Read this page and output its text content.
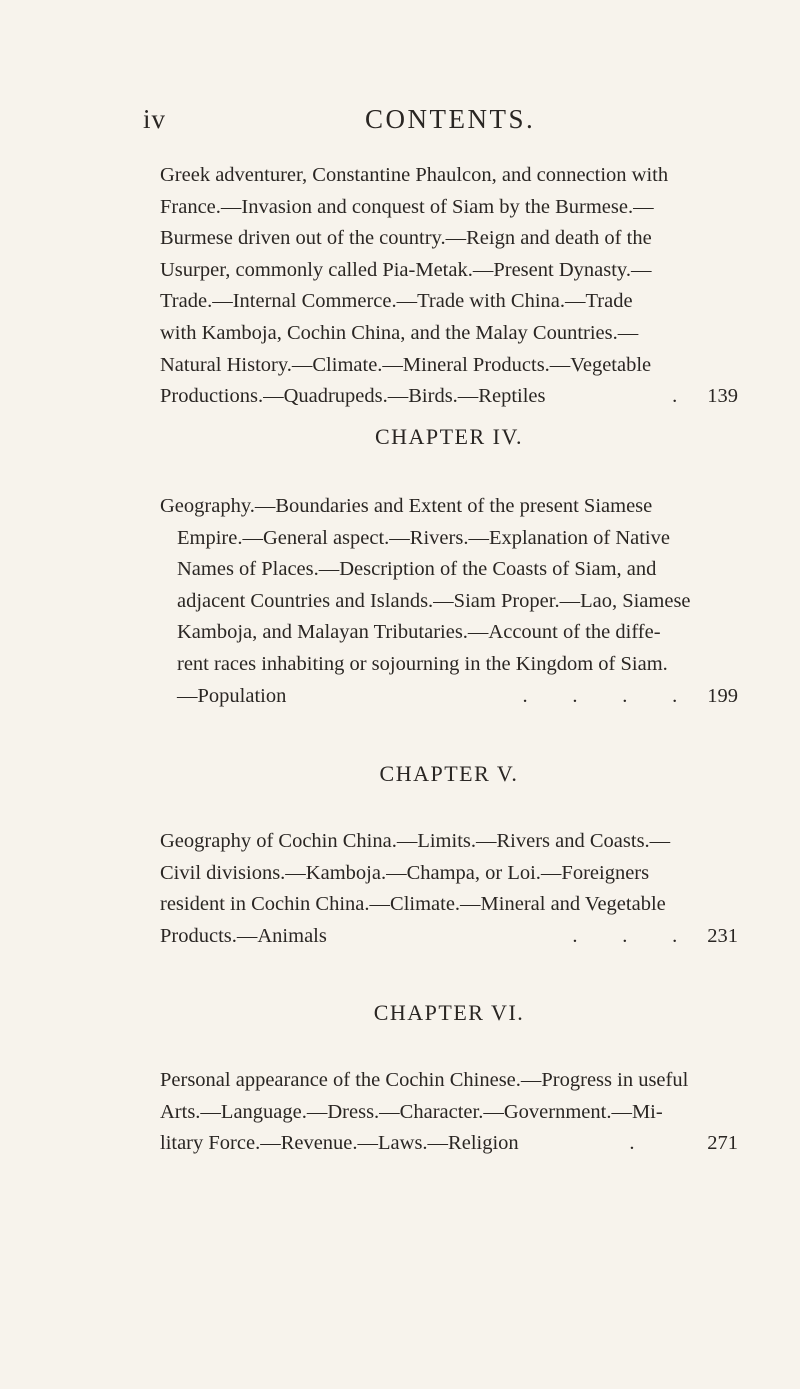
iv	CONTENTS.
Greek adventurer, Constantine Phaulcon, and connection with
France.—Invasion and conquest of Siam by the Burmese.—
Burmese driven out of the country.—Reign and death of the
Usurper, commonly called Pia-Metak.—Present Dynasty.—
Trade.—Internal Commerce.—Trade with China.—Trade
with Kamboja, Cochin China, and the Malay Countries.—
Natural History.—Climate.—Mineral Products.—Vegetable
Productions.—Quadrupeds.—Birds.—Reptiles	.	139
CHAPTER IV.
Geography.—Boundaries and Extent of the present Siamese
Empire.—General aspect.—Rivers.—Explanation of Native
Names of Places.—Description of the Coasts of Siam, and
adjacent Countries and Islands.—Siam Proper.—Lao, Siamese
Kamboja, and Malayan Tributaries.—Account of the diffe-
rent races inhabiting or sojourning in the Kingdom of Siam.
—Population	.      .      .      .	199
CHAPTER V.
Geography of Cochin China.—Limits.—Rivers and Coasts.—
Civil divisions.—Kamboja.—Champa, or Loi.—Foreigners
resident in Cochin China.—Climate.—Mineral and Vegetable
Products.—Animals	.      .      .	231
CHAPTER VI.
Personal appearance of the Cochin Chinese.—Progress in useful
Arts.—Language.—Dress.—Character.—Government.—Mi-
litary Force.—Revenue.—Laws.—Religion	.	271
